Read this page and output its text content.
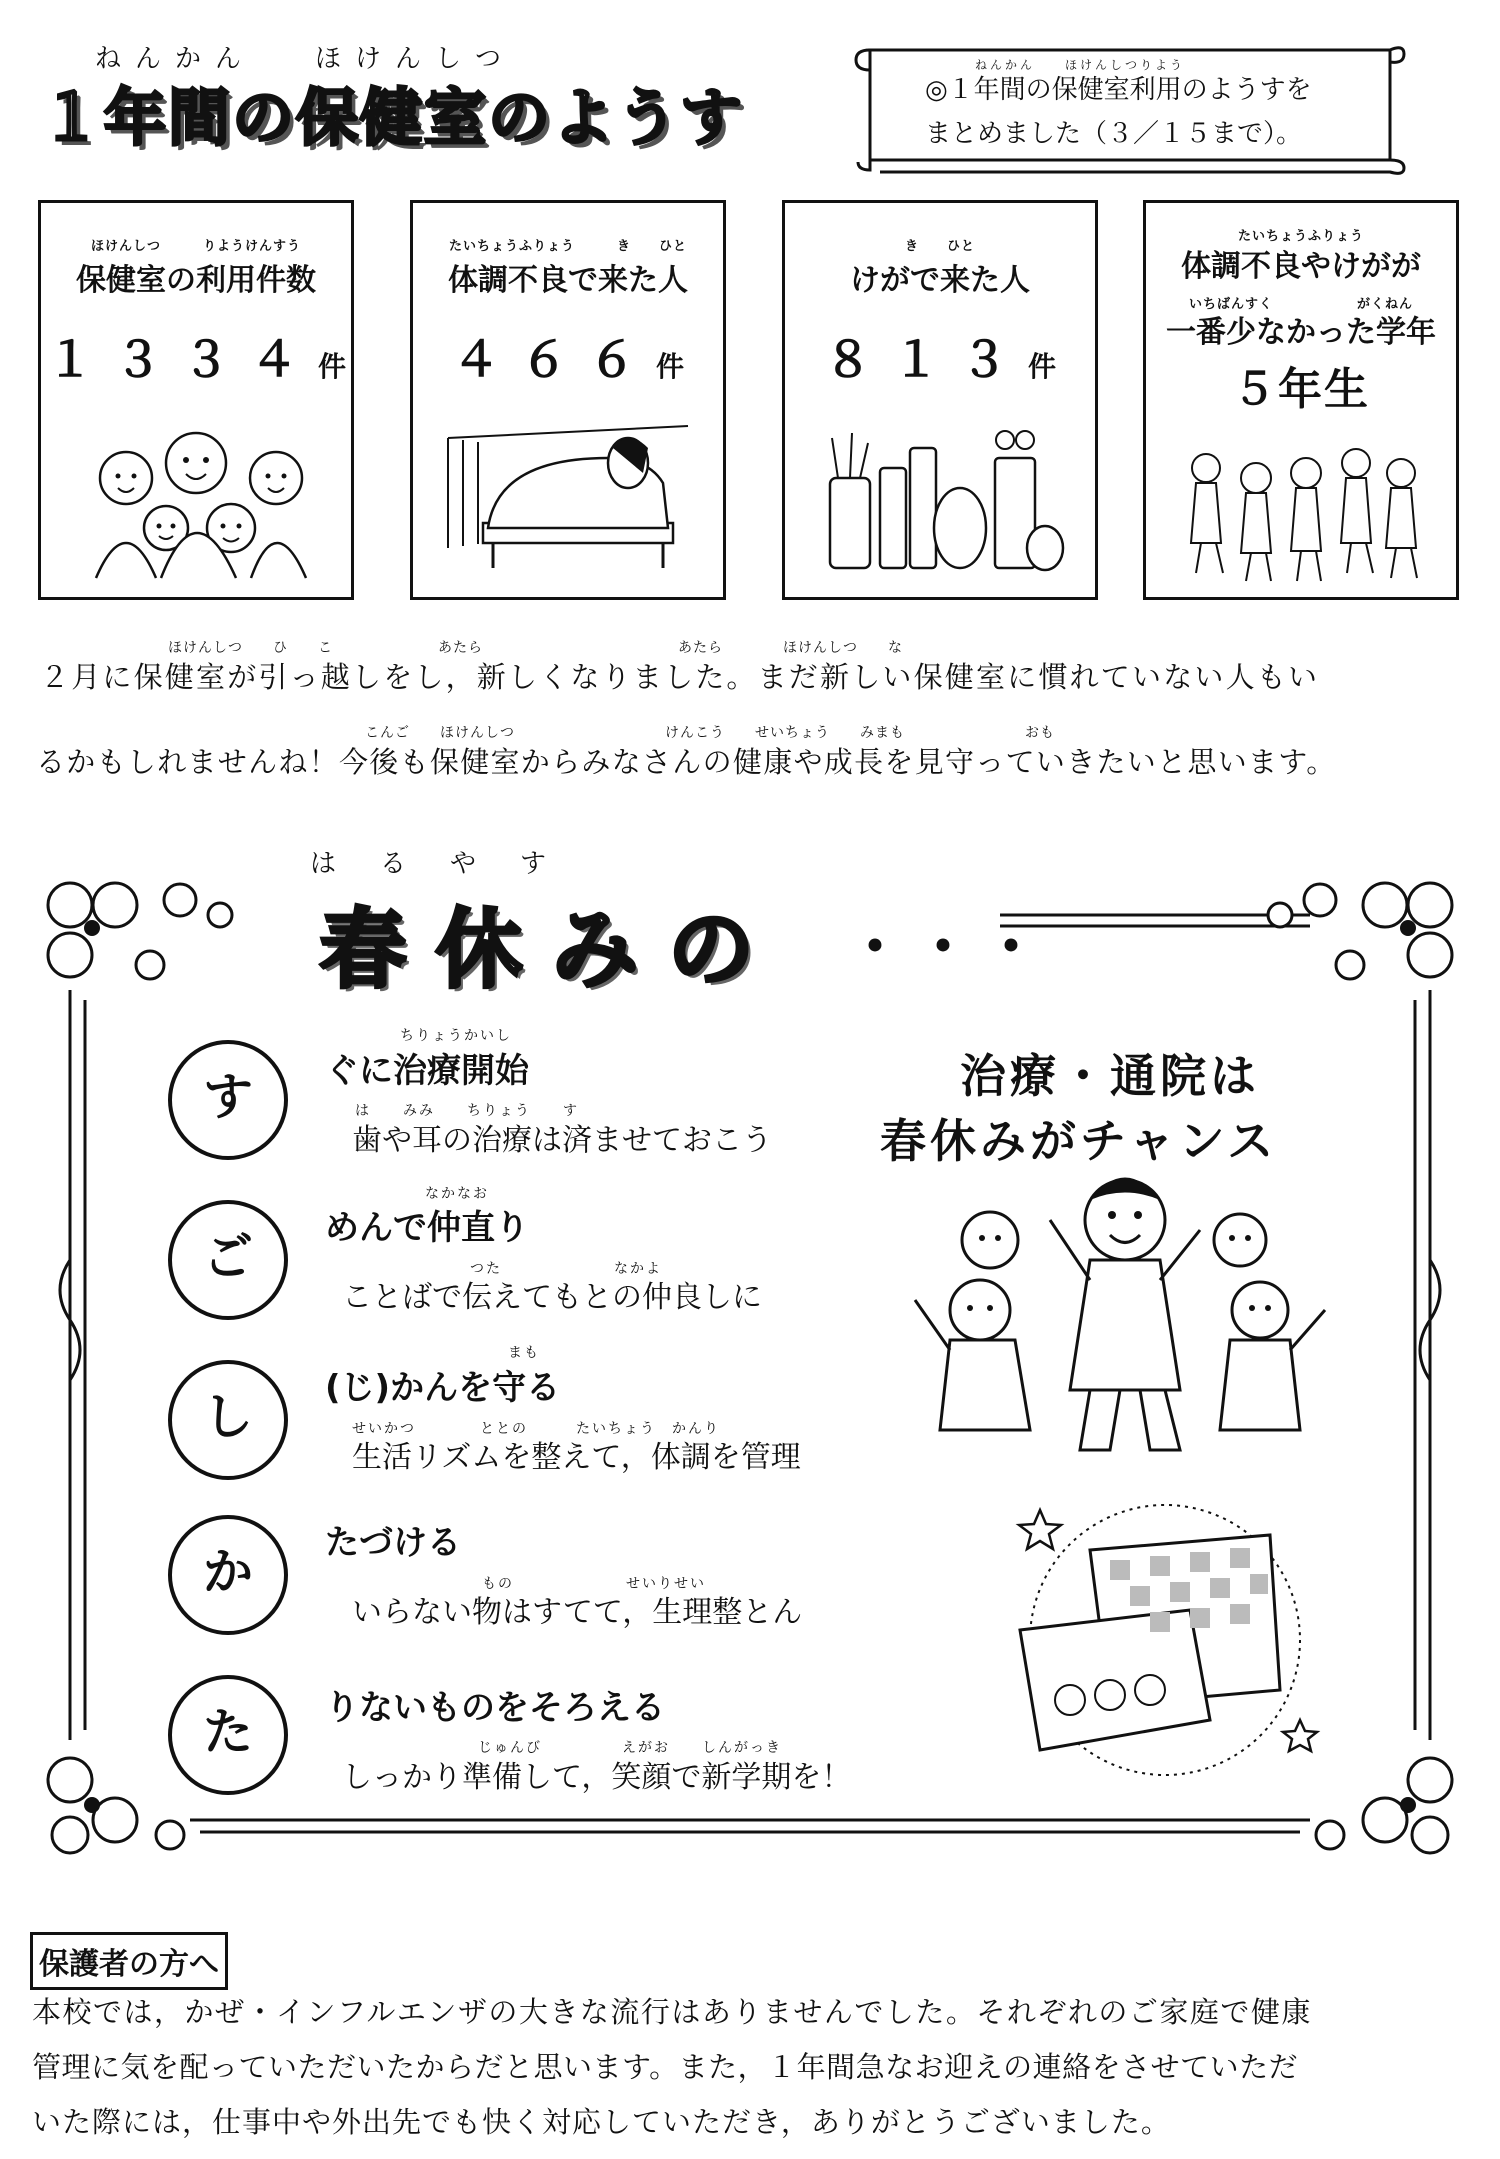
ねんかん ほけんしつ
１年間の保健室のようす
ねんかん　　ほけんしつりよう
◎１年間の保健室利用のようすを
まとめました（３／１５まで）。
ほけんしつ　　　りようけんすう
保健室の利用件数
１３３４件
たいちょうふりょう　　　き　　ひと
体調不良で来た人
４６６件
き　　ひと
けがで来た人
８１３件
たいちょうふりょう
体調不良やけがが
いちばんすく　　　　　　がくねん
一番少なかった学年
５年生
ほけんしつ　　ひ　　こ　　　　　　　あたら　　　　　　　　　　　　　あたら　　　　ほけんしつ　　な
２月に保健室が引っ越しをし，新しくなりました。まだ新しい保健室に慣れていない人もい
こんご　　ほけんしつ　　　　　　　　　　けんこう　　せいちょう　　みまも　　　　　　　　おも
るかもしれませんね！今後も保健室からみなさんの健康や成長を見守っていきたいと思います。
はるやす
春休みの ・・・
す
ちりょうかいし
ぐに治療開始
は　　みみ　　ちりょう　　す
歯や耳の治療は済ませておこう
ご
なかなお
めんで仲直り
つた　　　　　　　なかよ
ことばで伝えてもとの仲良しに
し
まも
(じ)かんを守る
せいかつ　　　　ととの　　　たいちょう　かんり
生活リズムを整えて，体調を管理
か	たづける
もの　　　　　　　せいりせい
いらない物はすてて，生理整とん
た	りないものをそろえる
じゅんび　　　　　えがお　　しんがっき
しっかり準備して，笑顔で新学期を！
治療・通院は
春休みがチャンス
保護者の方へ
本校では，かぜ・インフルエンザの大きな流行はありませんでした。それぞれのご家庭で健康
管理に気を配っていただいたからだと思います。また，１年間急なお迎えの連絡をさせていただ
いた際には，仕事中や外出先でも快く対応していただき，ありがとうございました。
